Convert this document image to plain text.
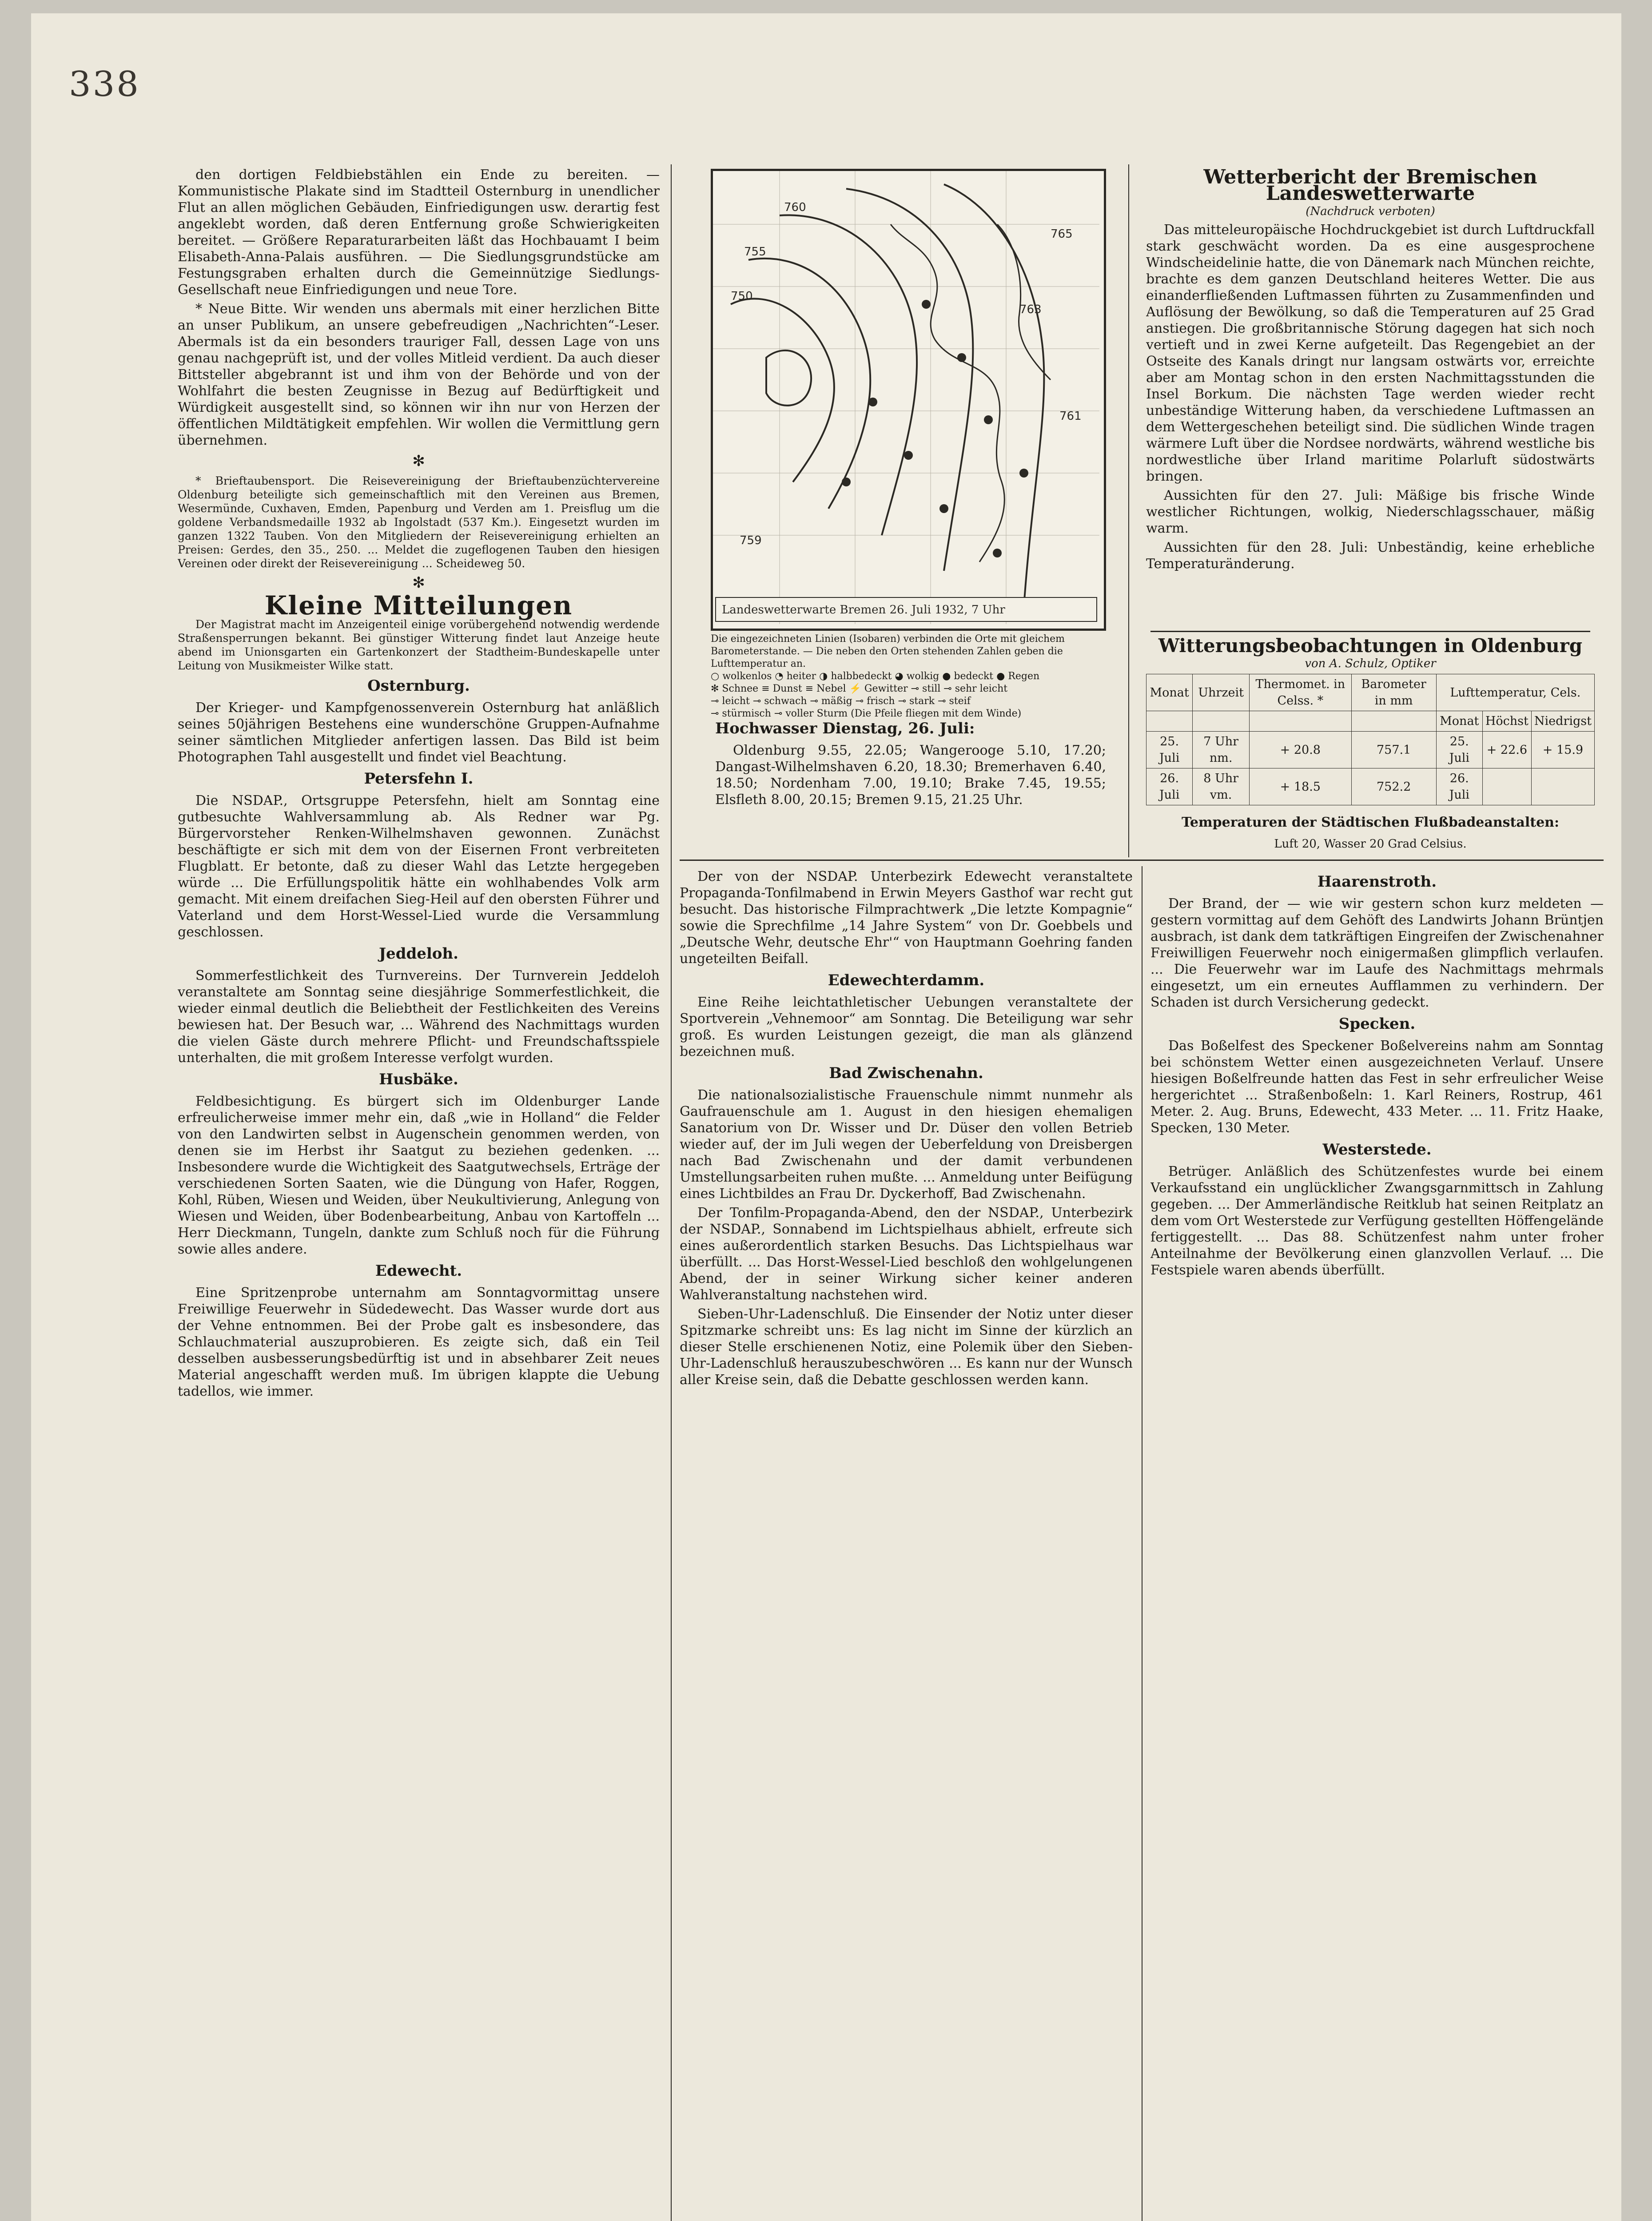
338

den dortigen Feldbiebstählen ein Ende zu bereiten. — Kommunistische Plakate sind im Stadtteil Osternburg in unendlicher Flut an allen möglichen Gebäuden, Einfriedigungen usw. derartig fest angeklebt worden, daß deren Entfernung große Schwierigkeiten bereitet. — Größere Reparaturarbeiten läßt das Hochbauamt I beim Elisabeth-Anna-Palais ausführen. — Die Siedlungsgrundstücke am Festungsgraben erhalten durch die Gemeinnützige Siedlungs-Gesellschaft neue Einfriedigungen und neue Tore.

* Neue Bitte. Wir wenden uns abermals mit einer herzlichen Bitte an unser Publikum, an unsere gebefreudigen „Nachrichten“-Leser. Abermals ist da ein besonders trauriger Fall, dessen Lage von uns genau nachgeprüft ist, und der volles Mitleid verdient. Da auch dieser Bittsteller abgebrannt ist und ihm von der Behörde und von der Wohlfahrt die besten Zeugnisse in Bezug auf Bedürftigkeit und Würdigkeit ausgestellt sind, so können wir ihn nur von Herzen der öffentlichen Mildtätigkeit empfehlen. Wir wollen die Vermittlung gern übernehmen.

✻

* Brieftaubensport. Die Reisevereinigung der Brieftaubenzüchtervereine Oldenburg beteiligte sich gemeinschaftlich mit den Vereinen aus Bremen, Wesermünde, Cuxhaven, Emden, Papenburg und Verden am 1. Preisflug um die goldene Verbandsmedaille 1932 ab Ingolstadt (537 Km.). Eingesetzt wurden im ganzen 1322 Tauben. Von den Mitgliedern der Reisevereinigung erhielten an Preisen: Gerdes, den 35., 250. ... Meldet die zugeflogenen Tauben den hiesigen Vereinen oder direkt der Reisevereinigung ... Scheideweg 50.

✻
Kleine Mitteilungen

Der Magistrat macht im Anzeigenteil einige vorübergehend notwendig werdende Straßensperrungen bekannt. Bei günstiger Witterung findet laut Anzeige heute abend im Unionsgarten ein Gartenkonzert der Stadtheim-Bundeskapelle unter Leitung von Musikmeister Wilke statt.

Osternburg.

Der Krieger- und Kampfgenossenverein Osternburg hat anläßlich seines 50jährigen Bestehens eine wunderschöne Gruppen-Aufnahme seiner sämtlichen Mitglieder anfertigen lassen. Das Bild ist beim Photographen Tahl ausgestellt und findet viel Beachtung.

Petersfehn I.

Die NSDAP., Ortsgruppe Petersfehn, hielt am Sonntag eine gutbesuchte Wahlversammlung ab. Als Redner war Pg. Bürgervorsteher Renken-Wilhelmshaven gewonnen. Zunächst beschäftigte er sich mit dem von der Eisernen Front verbreiteten Flugblatt. Er betonte, daß zu dieser Wahl das Letzte hergegeben würde ... Die Erfüllungspolitik hätte ein wohlhabendes Volk arm gemacht. Mit einem dreifachen Sieg-Heil auf den obersten Führer und Vaterland und dem Horst-Wessel-Lied wurde die Versammlung geschlossen.

Jeddeloh.

Sommerfestlichkeit des Turnvereins. Der Turnverein Jeddeloh veranstaltete am Sonntag seine diesjährige Sommerfestlichkeit, die wieder einmal deutlich die Beliebtheit der Festlichkeiten des Vereins bewiesen hat. Der Besuch war, ... Während des Nachmittags wurden die vielen Gäste durch mehrere Pflicht- und Freundschaftsspiele unterhalten, die mit großem Interesse verfolgt wurden.

Husbäke.

Feldbesichtigung. Es bürgert sich im Oldenburger Lande erfreulicherweise immer mehr ein, daß „wie in Holland“ die Felder von den Landwirten selbst in Augenschein genommen werden, von denen sie im Herbst ihr Saatgut zu beziehen gedenken. ... Insbesondere wurde die Wichtigkeit des Saatgutwechsels, Erträge der verschiedenen Sorten Saaten, wie die Düngung von Hafer, Roggen, Kohl, Rüben, Wiesen und Weiden, über Neukultivierung, Anlegung von Wiesen und Weiden, über Bodenbearbeitung, Anbau von Kartoffeln ... Herr Dieckmann, Tungeln, dankte zum Schluß noch für die Führung sowie alles andere.

Edewecht.

Eine Spritzenprobe unternahm am Sonntagvormittag unsere Freiwillige Feuerwehr in Südedewecht. Das Wasser wurde dort aus der Vehne entnommen. Bei der Probe galt es insbesondere, das Schlauchmaterial auszuprobieren. Es zeigte sich, daß ein Teil desselben ausbesserungsbedürftig ist und in absehbarer Zeit neues Material angeschafft werden muß. Im übrigen klappte die Uebung tadellos, wie immer.

750
755
760
765
761
759
763
Landeswetterwarte Bremen 26. Juli 1932, 7 Uhr
Die eingezeichneten Linien (Isobaren) verbinden die Orte mit gleichem Barometerstande. — Die neben den Orten stehenden Zahlen geben die Lufttemperatur an.
○ wolkenlos ◔ heiter ◑ halbbedeckt ◕ wolkig ● bedeckt ● Regen
✻ Schnee ≡ Dunst ≡ Nebel ⚡ Gewitter ⊸ still ⊸ sehr leicht
⊸ leicht ⊸ schwach ⊸ mäßig ⊸ frisch ⊸ stark ⊸ steif
⊸ stürmisch ⊸ voller Sturm (Die Pfeile fliegen mit dem Winde)
Hochwasser Dienstag, 26. Juli:

Oldenburg 9.55, 22.05; Wangerooge 5.10, 17.20; Dangast-Wilhelmshaven 6.20, 18.30; Bremerhaven 6.40, 18.50; Nordenham 7.00, 19.10; Brake 7.45, 19.55; Elsfleth 8.00, 20.15; Bremen 9.15, 21.25 Uhr.

Wetterbericht der Bremischen Landeswetterwarte
(Nachdruck verboten)

Das mitteleuropäische Hochdruckgebiet ist durch Luftdruckfall stark geschwächt worden. Da es eine ausgesprochene Windscheidelinie hatte, die von Dänemark nach München reichte, brachte es dem ganzen Deutschland heiteres Wetter. Die aus einanderfließenden Luftmassen führten zu Zusammenfinden und Auflösung der Bewölkung, so daß die Temperaturen auf 25 Grad anstiegen. Die großbritannische Störung dagegen hat sich noch vertieft und in zwei Kerne aufgeteilt. Das Regengebiet an der Ostseite des Kanals dringt nur langsam ostwärts vor, erreichte aber am Montag schon in den ersten Nachmittagsstunden die Insel Borkum. Die nächsten Tage werden wieder recht unbeständige Witterung haben, da verschiedene Luftmassen an dem Wettergeschehen beteiligt sind. Die südlichen Winde tragen wärmere Luft über die Nordsee nordwärts, während westliche bis nordwestliche über Irland maritime Polarluft südostwärts bringen.

Aussichten für den 27. Juli: Mäßige bis frische Winde westlicher Richtungen, wolkig, Niederschlagsschauer, mäßig warm.

Aussichten für den 28. Juli: Unbeständig, keine erhebliche Temperaturänderung.

Witterungsbeobachtungen in Oldenburg
von A. Schulz, Optiker
Monat	Uhrzeit	Thermomet. in Celss. *	Barometer in mm	Lufttemperatur, Cels.		
				Monat	Höchst	Niedrigst
25. Juli	7 Uhr nm.	+ 20.8	757.1	25. Juli	+ 22.6	+ 15.9
26. Juli	8 Uhr vm.	+ 18.5	752.2	26. Juli		
Temperaturen der Städtischen Flußbadeanstalten:
Luft 20, Wasser 20 Grad Celsius.

Der von der NSDAP. Unterbezirk Edewecht veranstaltete Propaganda-Tonfilmabend in Erwin Meyers Gasthof war recht gut besucht. Das historische Filmprachtwerk „Die letzte Kompagnie“ sowie die Sprechfilme „14 Jahre System“ von Dr. Goebbels und „Deutsche Wehr, deutsche Ehr'“ von Hauptmann Goehring fanden ungeteilten Beifall.

Edewechterdamm.

Eine Reihe leichtathletischer Uebungen veranstaltete der Sportverein „Vehnemoor“ am Sonntag. Die Beteiligung war sehr groß. Es wurden Leistungen gezeigt, die man als glänzend bezeichnen muß.

Bad Zwischenahn.

Die nationalsozialistische Frauenschule nimmt nunmehr als Gaufrauenschule am 1. August in den hiesigen ehemaligen Sanatorium von Dr. Wisser und Dr. Düser den vollen Betrieb wieder auf, der im Juli wegen der Ueberfeldung von Dreisbergen nach Bad Zwischenahn und der damit verbundenen Umstellungsarbeiten ruhen mußte. ... Anmeldung unter Beifügung eines Lichtbildes an Frau Dr. Dyckerhoff, Bad Zwischenahn.

Der Tonfilm-Propaganda-Abend, den der NSDAP., Unterbezirk der NSDAP., Sonnabend im Lichtspielhaus abhielt, erfreute sich eines außerordentlich starken Besuchs. Das Lichtspielhaus war überfüllt. ... Das Horst-Wessel-Lied beschloß den wohlgelungenen Abend, der in seiner Wirkung sicher keiner anderen Wahlveranstaltung nachstehen wird.

Sieben-Uhr-Ladenschluß. Die Einsender der Notiz unter dieser Spitzmarke schreibt uns: Es lag nicht im Sinne der kürzlich an dieser Stelle erschienenen Notiz, eine Polemik über den Sieben-Uhr-Ladenschluß herauszubeschwören ... Es kann nur der Wunsch aller Kreise sein, daß die Debatte geschlossen werden kann.

Haarenstroth.

Der Brand, der — wie wir gestern schon kurz meldeten — gestern vormittag auf dem Gehöft des Landwirts Johann Brüntjen ausbrach, ist dank dem tatkräftigen Eingreifen der Zwischenahner Freiwilligen Feuerwehr noch einigermaßen glimpflich verlaufen. ... Die Feuerwehr war im Laufe des Nachmittags mehrmals eingesetzt, um ein erneutes Aufflammen zu verhindern. Der Schaden ist durch Versicherung gedeckt.

Specken.

Das Boßelfest des Speckener Boßelvereins nahm am Sonntag bei schönstem Wetter einen ausgezeichneten Verlauf. Unsere hiesigen Boßelfreunde hatten das Fest in sehr erfreulicher Weise hergerichtet ... Straßenboßeln: 1. Karl Reiners, Rostrup, 461 Meter. 2. Aug. Bruns, Edewecht, 433 Meter. ... 11. Fritz Haake, Specken, 130 Meter.

Westerstede.

Betrüger. Anläßlich des Schützenfestes wurde bei einem Verkaufsstand ein unglücklicher Zwangsgarnmittsch in Zahlung gegeben. ... Der Ammerländische Reitklub hat seinen Reitplatz an dem vom Ort Westerstede zur Verfügung gestellten Höffengelände fertiggestellt. ... Das 88. Schützenfest nahm unter froher Anteilnahme der Bevölkerung einen glanzvollen Verlauf. ... Die Festspiele waren abends überfüllt.
